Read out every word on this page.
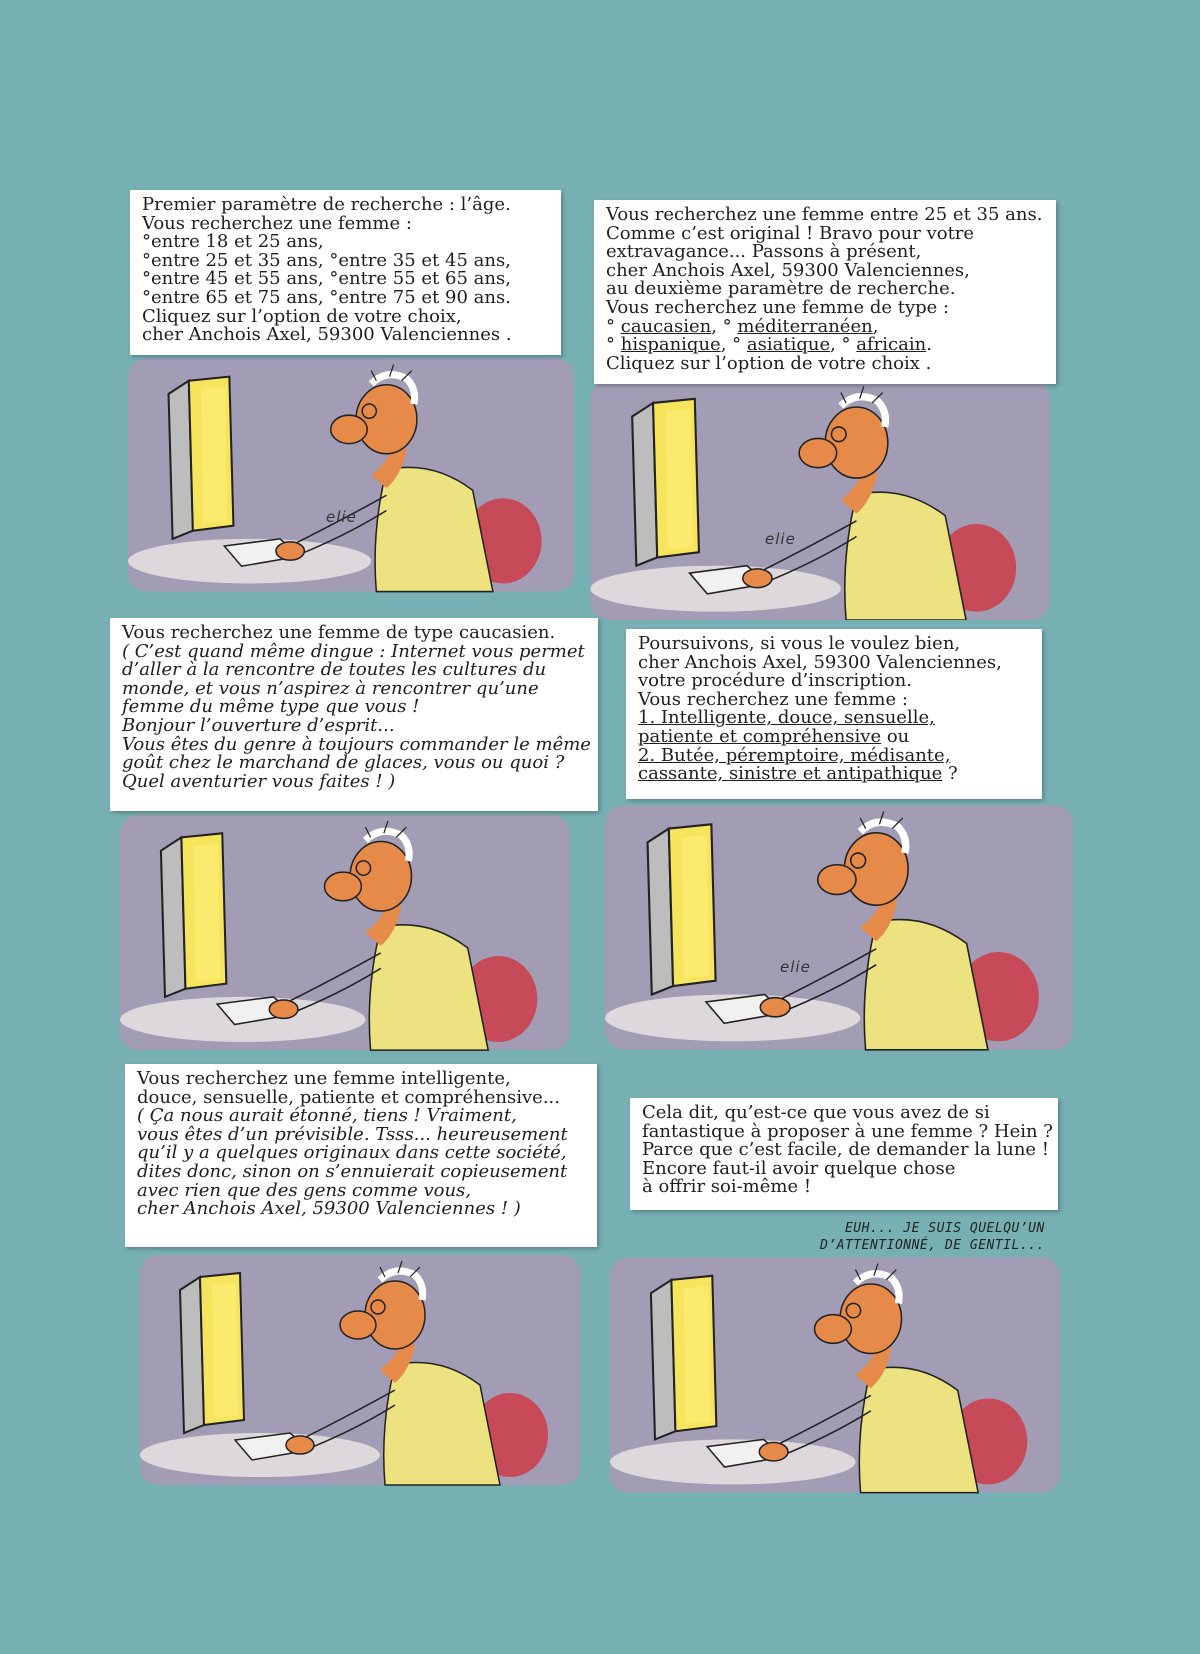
elie
Premier paramètre de recherche : l’âge.
Vous recherchez une femme :
°entre 18 et 25 ans,
°entre 25 et 35 ans, °entre 35 et 45 ans,
°entre 45 et 55 ans, °entre 55 et 65 ans,
°entre 65 et 75 ans, °entre 75 et 90 ans.
Cliquez sur l’option de votre choix,
cher Anchois Axel, 59300 Valenciennes .
elie
Vous recherchez une femme entre 25 et 35 ans.
Comme c’est original ! Bravo pour votre
extravagance... Passons à présent,
cher Anchois Axel, 59300 Valenciennes,
au deuxième paramètre de recherche.
Vous recherchez une femme de type :
° caucasien, ° méditerranéen,
° hispanique, ° asiatique, ° africain.
Cliquez sur l’option de votre choix .
Vous recherchez une femme de type caucasien.
( C’est quand même dingue : Internet vous permet
d’aller à la rencontre de toutes les cultures du
monde, et vous n’aspirez à rencontrer qu’une
femme du même type que vous !
Bonjour l’ouverture d’esprit...
Vous êtes du genre à toujours commander le même
goût chez le marchand de glaces, vous ou quoi ?
Quel aventurier vous faites ! )
elie
Poursuivons, si vous le voulez bien,
cher Anchois Axel, 59300 Valenciennes,
votre procédure d’inscription.
Vous recherchez une femme :
1. Intelligente, douce, sensuelle,
patiente et compréhensive ou
2. Butée, péremptoire, médisante,
cassante, sinistre et antipathique ?
Vous recherchez une femme intelligente,
douce, sensuelle, patiente et compréhensive...
( Ça nous aurait étonné, tiens ! Vraiment,
vous êtes d’un prévisible. Tsss... heureusement
qu’il y a quelques originaux dans cette société,
dites donc, sinon on s’ennuierait copieusement
avec rien que des gens comme vous,
cher Anchois Axel, 59300 Valenciennes ! )
Cela dit, qu’est-ce que vous avez de si
fantastique à proposer à une femme ? Hein ?
Parce que c’est facile, de demander la lune !
Encore faut-il avoir quelque chose
à offrir soi-même !
EUH... JE SUIS QUELQU’UN
D’ATTENTIONNÉ, DE GENTIL...
